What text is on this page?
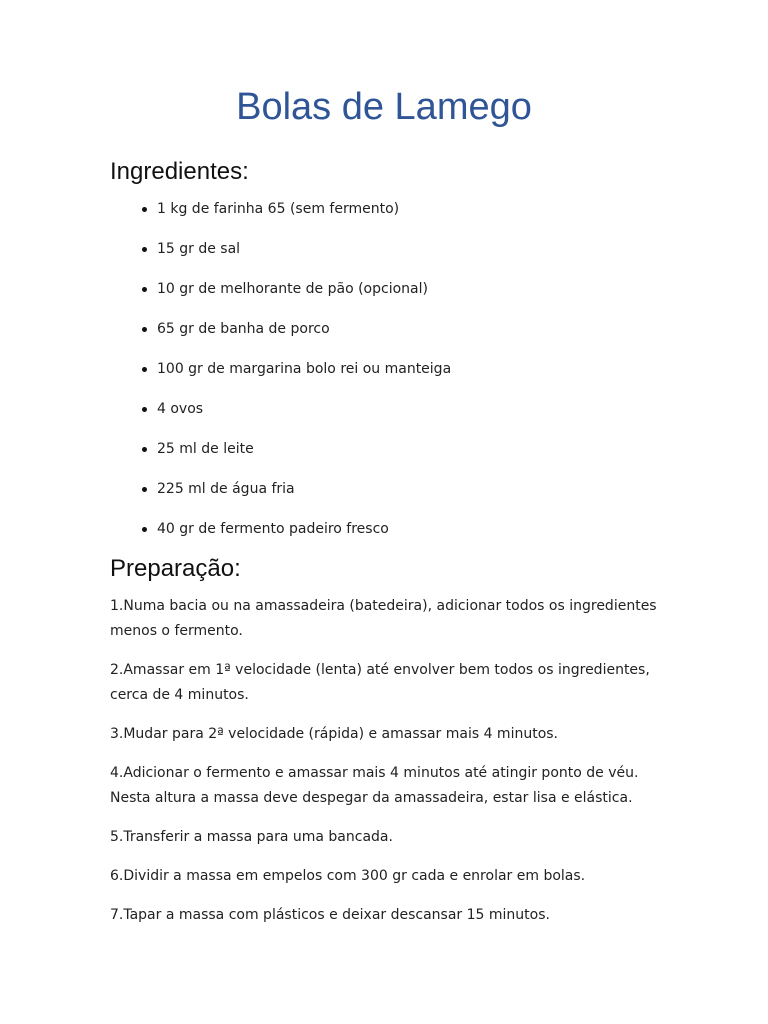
Bolas de Lamego
Ingredientes:
1 kg de farinha 65 (sem fermento)
15 gr de sal
10 gr de melhorante de pão (opcional)
65 gr de banha de porco
100 gr de margarina bolo rei ou manteiga
4 ovos
25 ml de leite
225 ml de água fria
40 gr de fermento padeiro fresco
Preparação:

1.Numa bacia ou na amassadeira (batedeira), adicionar todos os ingredientes menos o fermento.

2.Amassar em 1ª velocidade (lenta) até envolver bem todos os ingredientes, cerca de 4 minutos.

3.Mudar para 2ª velocidade (rápida) e amassar mais 4 minutos.

4.Adicionar o fermento e amassar mais 4 minutos até atingir ponto de véu. Nesta altura a massa deve despegar da amassadeira, estar lisa e elástica.

5.Transferir a massa para uma bancada.

6.Dividir a massa em empelos com 300 gr cada e enrolar em bolas.

7.Tapar a massa com plásticos e deixar descansar 15 minutos.
